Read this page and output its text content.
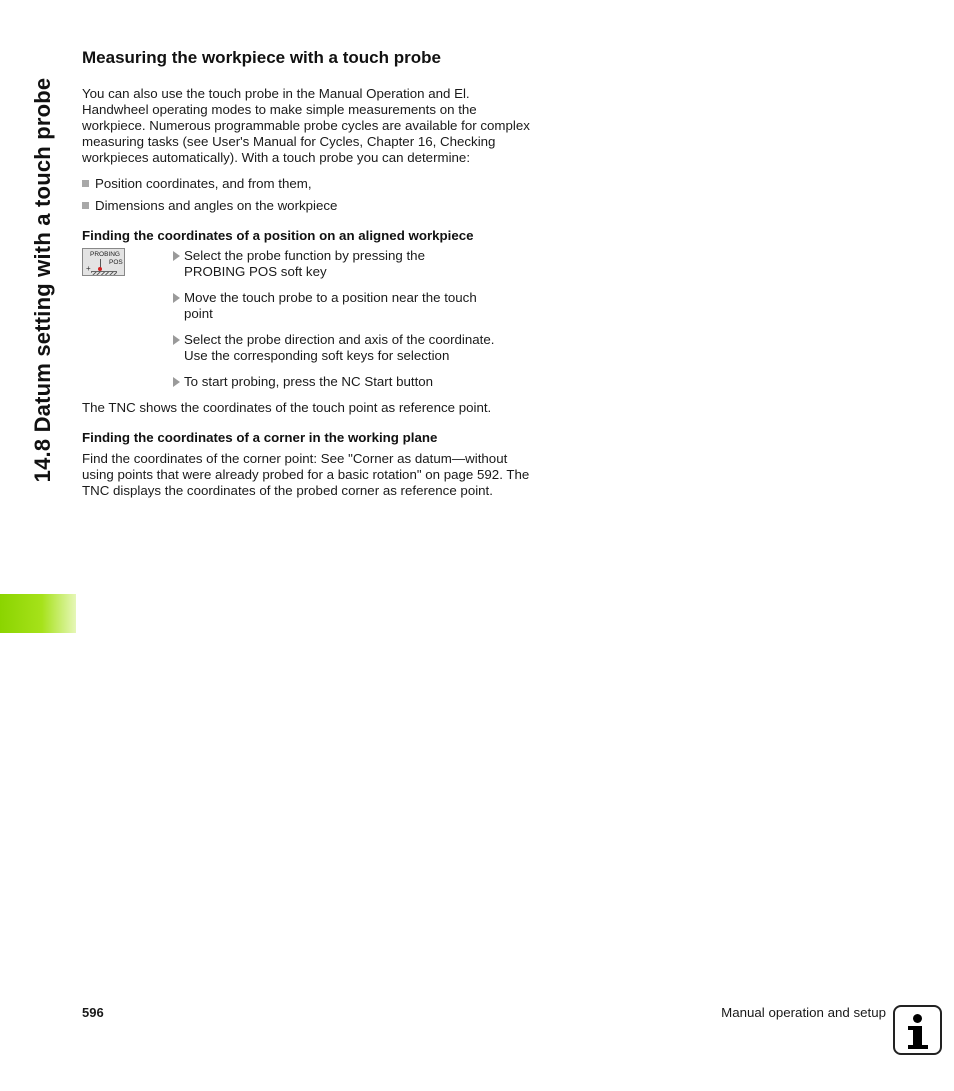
14.8 Datum setting with a touch probe
Measuring the workpiece with a touch probe

You can also use the touch probe in the Manual Operation and El. Handwheel operating modes to make simple measurements on the workpiece. Numerous programmable probe cycles are available for complex measuring tasks (see User's Manual for Cycles, Chapter 16, Checking workpieces automatically). With a touch probe you can determine:

Position coordinates, and from them,
Dimensions and angles on the workpiece
Finding the coordinates of a position on an aligned workpiece
PROBING
POS
+
Select the probe function by pressing the
PROBING POS soft key
Move the touch probe to a position near the touch
point
Select the probe direction and axis of the coordinate.
Use the corresponding soft keys for selection
To start probing, press the NC Start button

The TNC shows the coordinates of the touch point as reference point.

Finding the coordinates of a corner in the working plane

Find the coordinates of the corner point: See "Corner as datum—without using points that were already probed for a basic rotation" on page 592. The TNC displays the coordinates of the probed corner as reference point.

596	Manual operation and setup
